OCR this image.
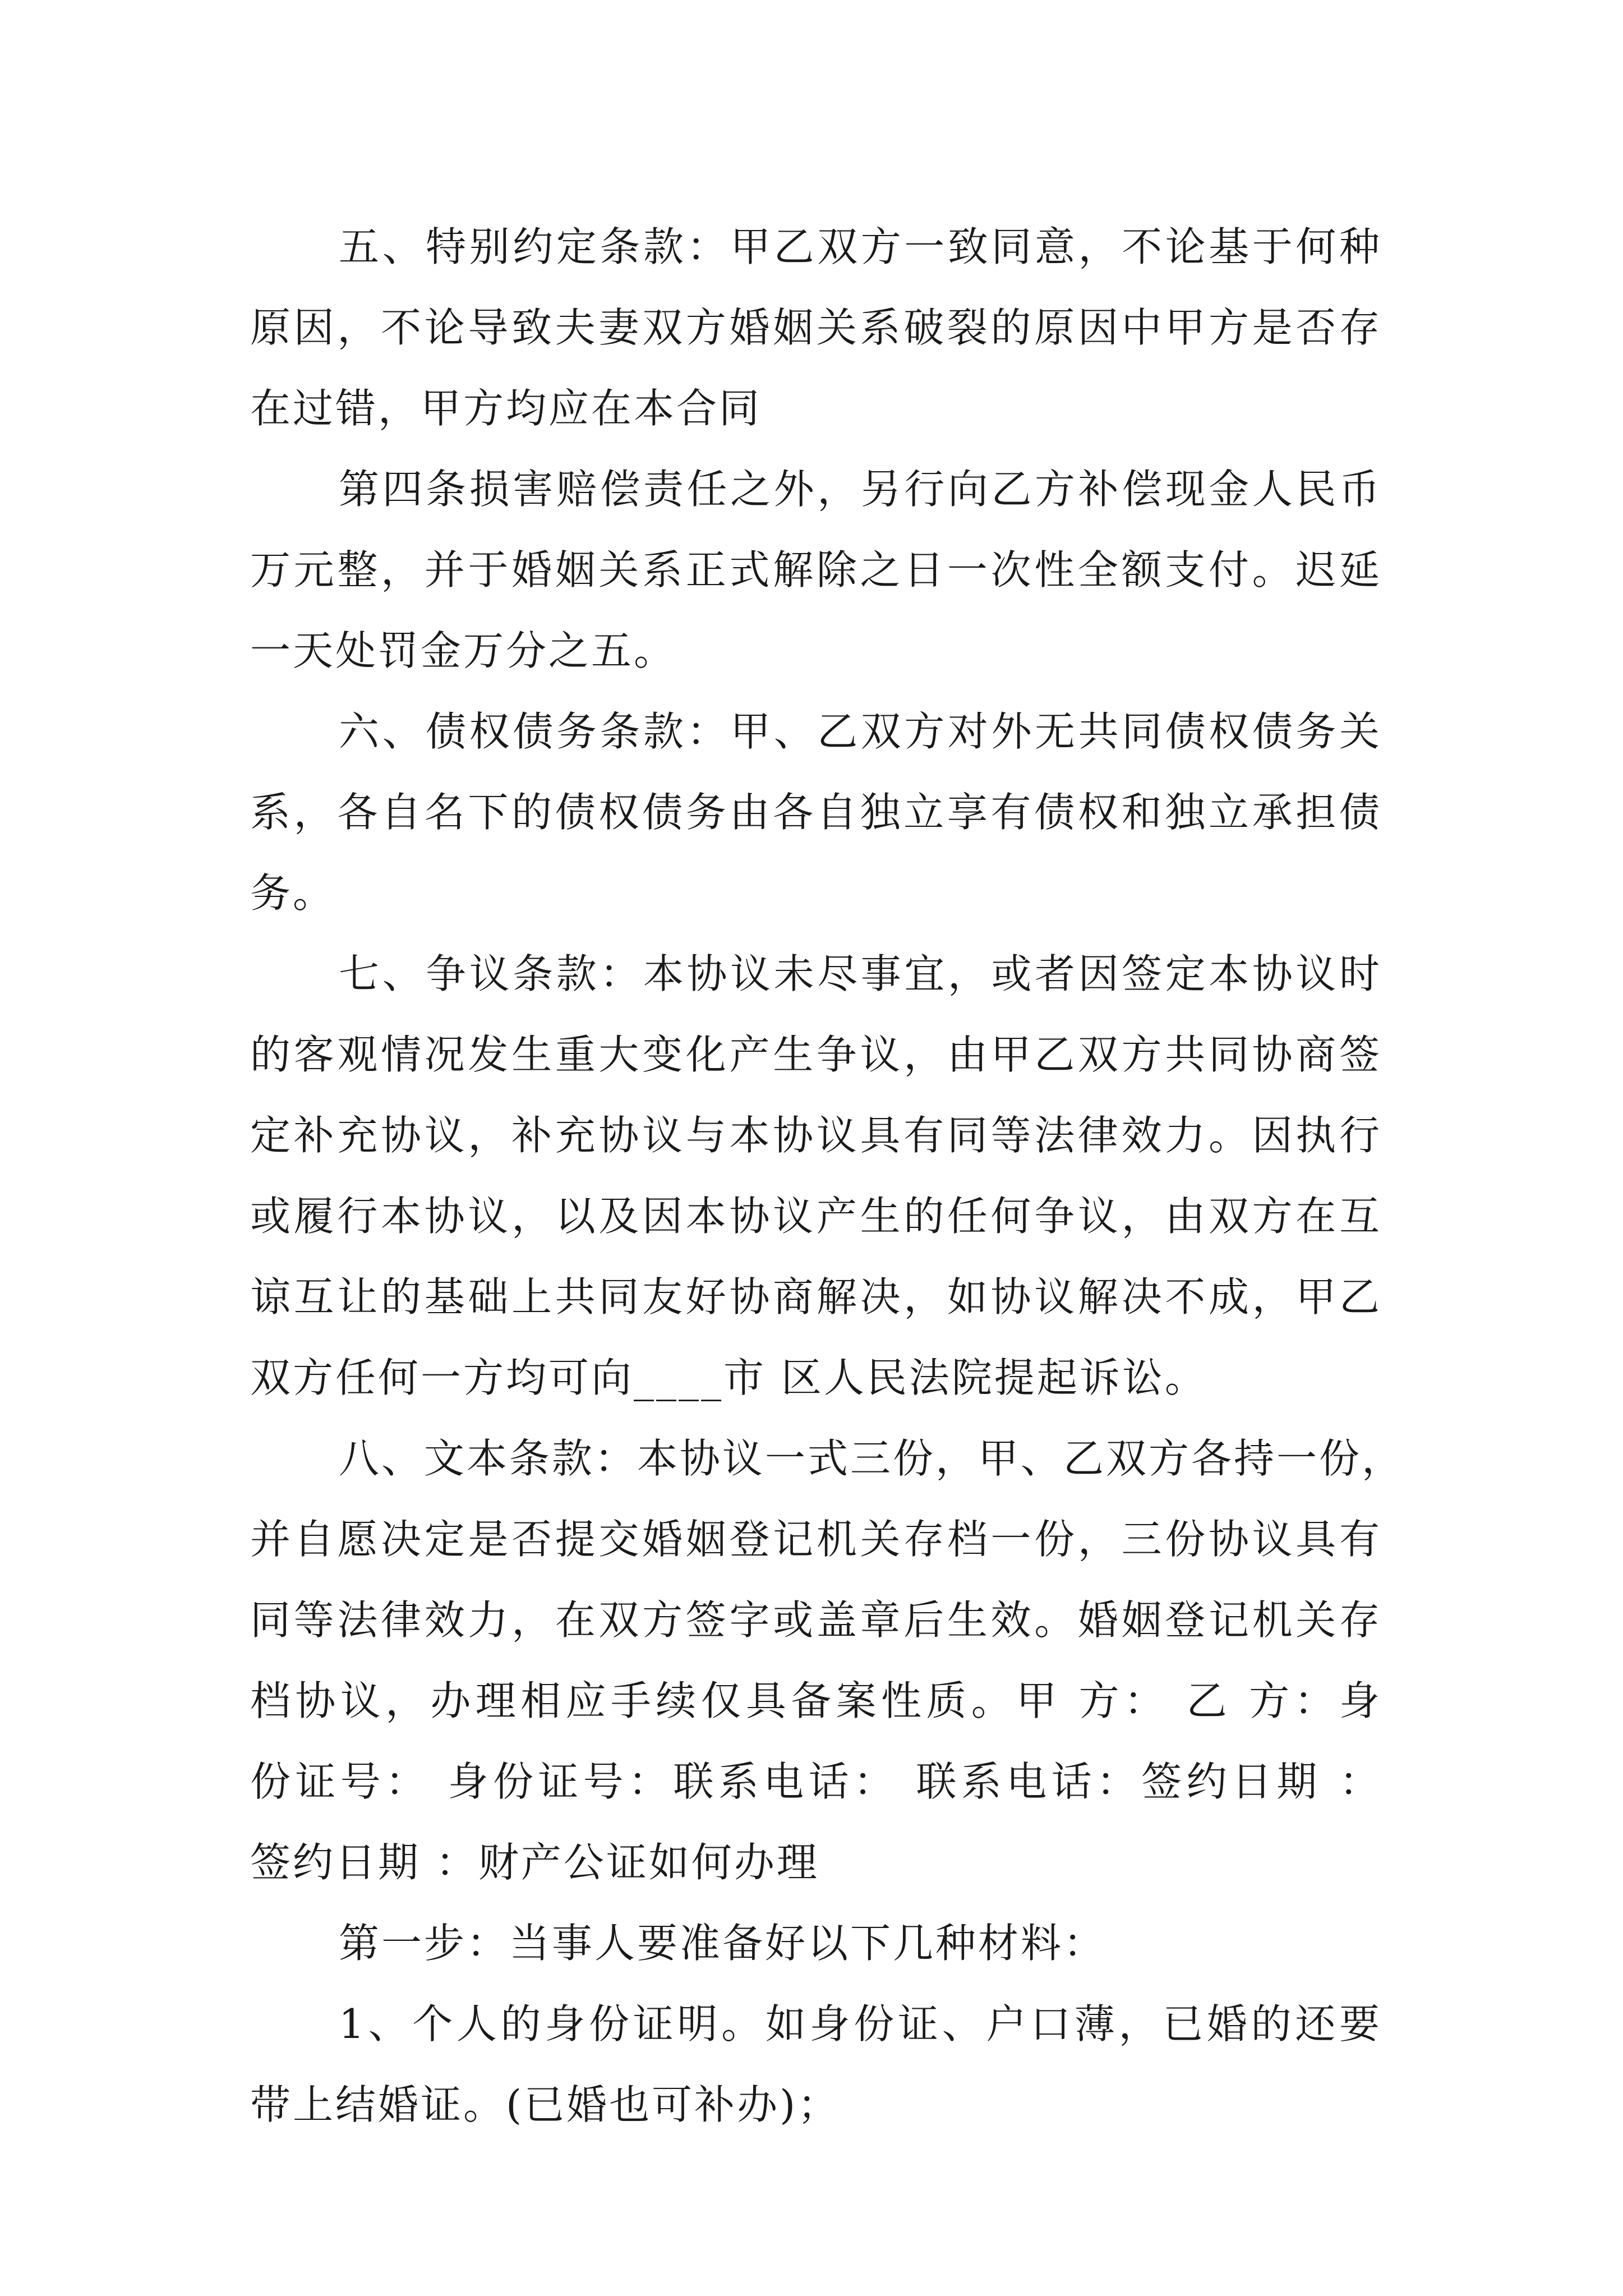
五、特别约定条款：甲乙双方一致同意，不论基于何种
原因，不论导致夫妻双方婚姻关系破裂的原因中甲方是否存
在过错，甲方均应在本合同

第四条损害赔偿责任之外，另行向乙方补偿现金人民币
万元整，并于婚姻关系正式解除之日一次性全额支付。迟延
一天处罚金万分之五。

六、债权债务条款：甲、乙双方对外无共同债权债务关
系，各自名下的债权债务由各自独立享有债权和独立承担债
务。

七、争议条款：本协议未尽事宜，或者因签定本协议时
的客观情况发生重大变化产生争议，由甲乙双方共同协商签
定补充协议，补充协议与本协议具有同等法律效力。因执行
或履行本协议，以及因本协议产生的任何争议，由双方在互
谅互让的基础上共同友好协商解决，如协议解决不成，甲乙
双方任何一方均可向____市 区人民法院提起诉讼。

八、文本条款：本协议一式三份，甲、乙双方各持一份，
并自愿决定是否提交婚姻登记机关存档一份，三份协议具有
同等法律效力，在双方签字或盖章后生效。婚姻登记机关存
档协议，办理相应手续仅具备案性质。甲 方： 乙 方：身
份证号： 身份证号：联系电话： 联系电话：签约日期 ：
签约日期 ：财产公证如何办理

第一步：当事人要准备好以下几种材料：

1、个人的身份证明。如身份证、户口薄，已婚的还要
带上结婚证。(已婚也可补办)；
